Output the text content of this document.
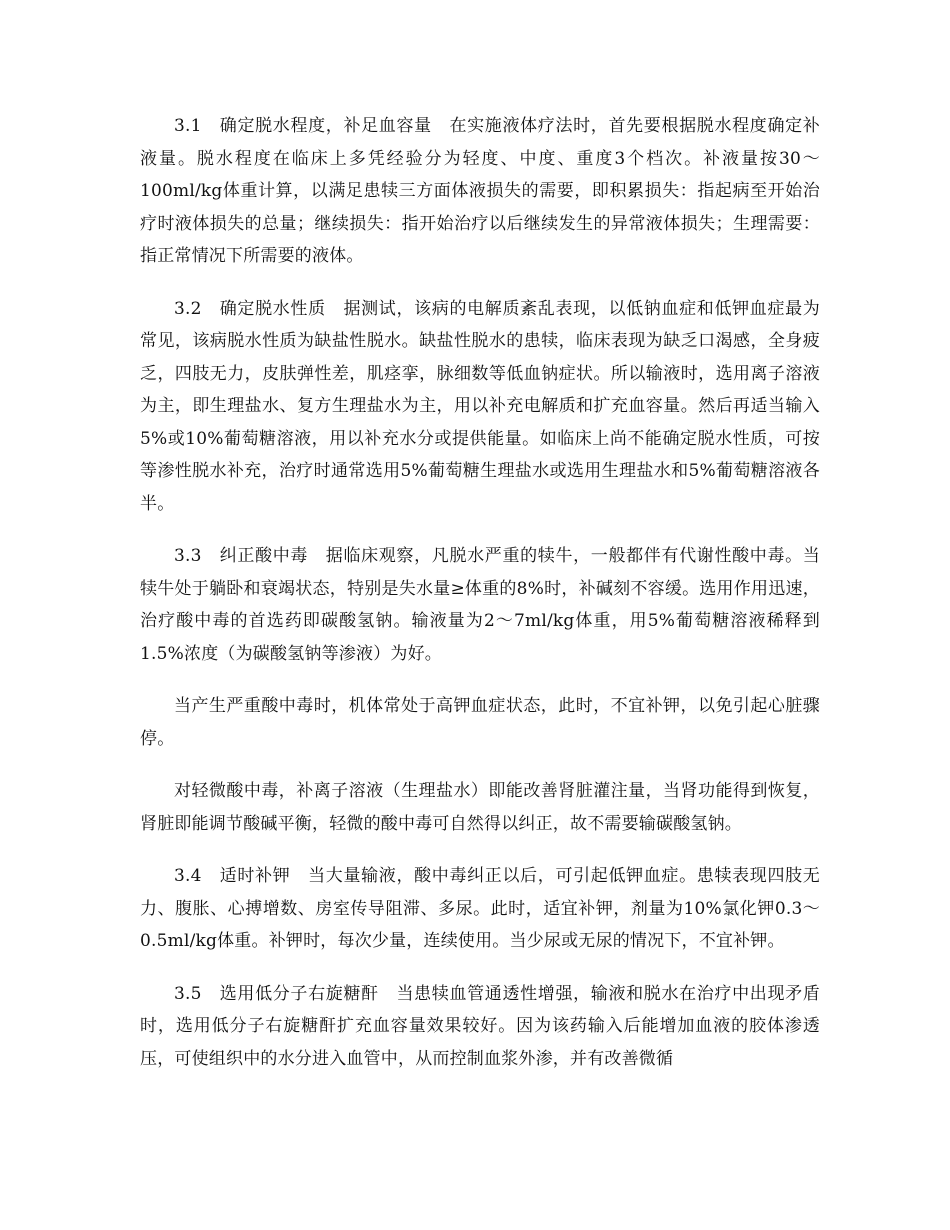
3.1　确定脱水程度，补足血容量　在实施液体疗法时，首先要根据脱水程度确定补液量。脱水程度在临床上多凭经验分为轻度、中度、重度3个档次。补液量按30～100ml/kg体重计算，以满足患犊三方面体液损失的需要，即积累损失：指起病至开始治疗时液体损失的总量；继续损失：指开始治疗以后继续发生的异常液体损失；生理需要：指正常情况下所需要的液体。

3.2　确定脱水性质　据测试，该病的电解质紊乱表现，以低钠血症和低钾血症最为常见，该病脱水性质为缺盐性脱水。缺盐性脱水的患犊，临床表现为缺乏口渴感，全身疲乏，四肢无力，皮肤弹性差，肌痉挛，脉细数等低血钠症状。所以输液时，选用离子溶液为主，即生理盐水、复方生理盐水为主，用以补充电解质和扩充血容量。然后再适当输入5%或10%葡萄糖溶液，用以补充水分或提供能量。如临床上尚不能确定脱水性质，可按等渗性脱水补充，治疗时通常选用5%葡萄糖生理盐水或选用生理盐水和5%葡萄糖溶液各半。

3.3　纠正酸中毒　据临床观察，凡脱水严重的犊牛，一般都伴有代谢性酸中毒。当犊牛处于躺卧和衰竭状态，特别是失水量≥体重的8%时，补碱刻不容缓。选用作用迅速，治疗酸中毒的首选药即碳酸氢钠。输液量为2～7ml/kg体重，用5%葡萄糖溶液稀释到1.5%浓度（为碳酸氢钠等渗液）为好。

当产生严重酸中毒时，机体常处于高钾血症状态，此时，不宜补钾，以免引起心脏骤停。

对轻微酸中毒，补离子溶液（生理盐水）即能改善肾脏灌注量，当肾功能得到恢复，肾脏即能调节酸碱平衡，轻微的酸中毒可自然得以纠正，故不需要输碳酸氢钠。

3.4　适时补钾　当大量输液，酸中毒纠正以后，可引起低钾血症。患犊表现四肢无力、腹胀、心搏增数、房室传导阻滞、多尿。此时，适宜补钾，剂量为10%氯化钾0.3～0.5ml/kg体重。补钾时，每次少量，连续使用。当少尿或无尿的情况下，不宜补钾。

3.5　选用低分子右旋糖酐　当患犊血管通透性增强，输液和脱水在治疗中出现矛盾时，选用低分子右旋糖酐扩充血容量效果较好。因为该药输入后能增加血液的胶体渗透压，可使组织中的水分进入血管中，从而控制血浆外渗，并有改善微循
